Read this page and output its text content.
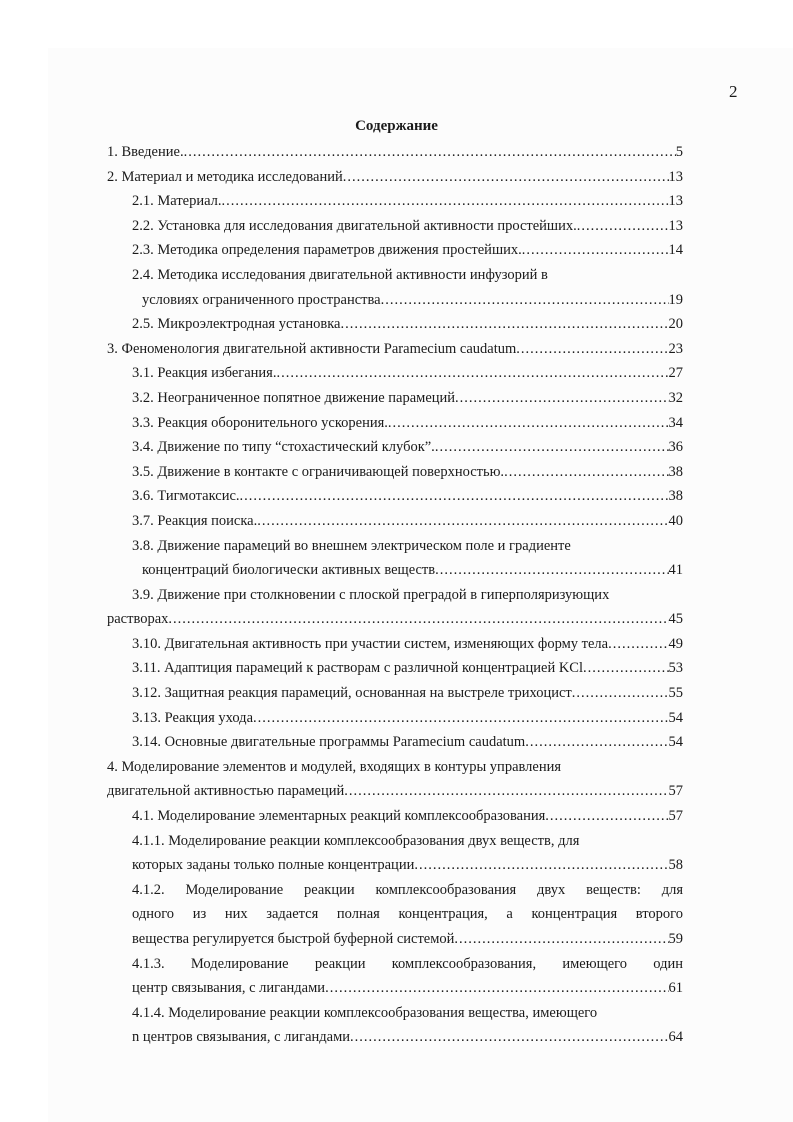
2
Содержание
1. Введение. .....	5
2. Материал и методика исследований .....	13
2.1. Материал. .....	13
2.2. Установка для исследования двигательной активности простейших. .....	13
2.3. Методика определения параметров движения простейших. .....	14
2.4. Методика исследования двигательной активности инфузорий в
условиях ограниченного пространства .....	19
2.5. Микроэлектродная установка .....	20
3. Феноменология двигательной активности Paramecium caudatum .....	23
3.1. Реакция избегания. .....	27
3.2. Неограниченное попятное движение парамеций .....	32
3.3. Реакция оборонительного ускорения. .....	34
3.4. Движение по типу “стохастический клубок”. .....	36
3.5. Движение в контакте с ограничивающей поверхностью. .....	38
3.6. Тигмотаксис. .....	38
3.7. Реакция поиска. .....	40
3.8. Движение парамеций во внешнем электрическом поле и градиенте
концентраций биологически активных веществ .....	41
3.9. Движение при столкновении с плоской преградой в гиперполяризующих
растворах .....	45
3.10. Двигательная активность при участии систем, изменяющих форму тела .....	49
3.11. Адаптиция парамеций к растворам с различной концентрацией KCl .....	53
3.12. Защитная реакция парамеций, основанная на выстреле трихоцист .....	55
3.13. Реакция ухода .....	54
3.14. Основные двигательные программы Paramecium caudatum .....	54
4. Моделирование элементов и модулей, входящих в контуры управления
двигательной активностью парамеций .....	57
4.1. Моделирование элементарных реакций комплексообразования .....	57
4.1.1. Моделирование реакции комплексообразования двух веществ, для
которых заданы только полные концентрации .....	58
4.1.2. Моделирование реакции комплексообразования двух веществ: для
одного из них задается полная концентрация, а концентрация второго
вещества регулируется быстрой буферной системой .....	59
4.1.3. Моделирование реакции комплексообразования, имеющего один
центр связывания, с лигандами .....	61
4.1.4. Моделирование реакции комплексообразования вещества, имеющего
n центров связывания, с лигандами .....	64
